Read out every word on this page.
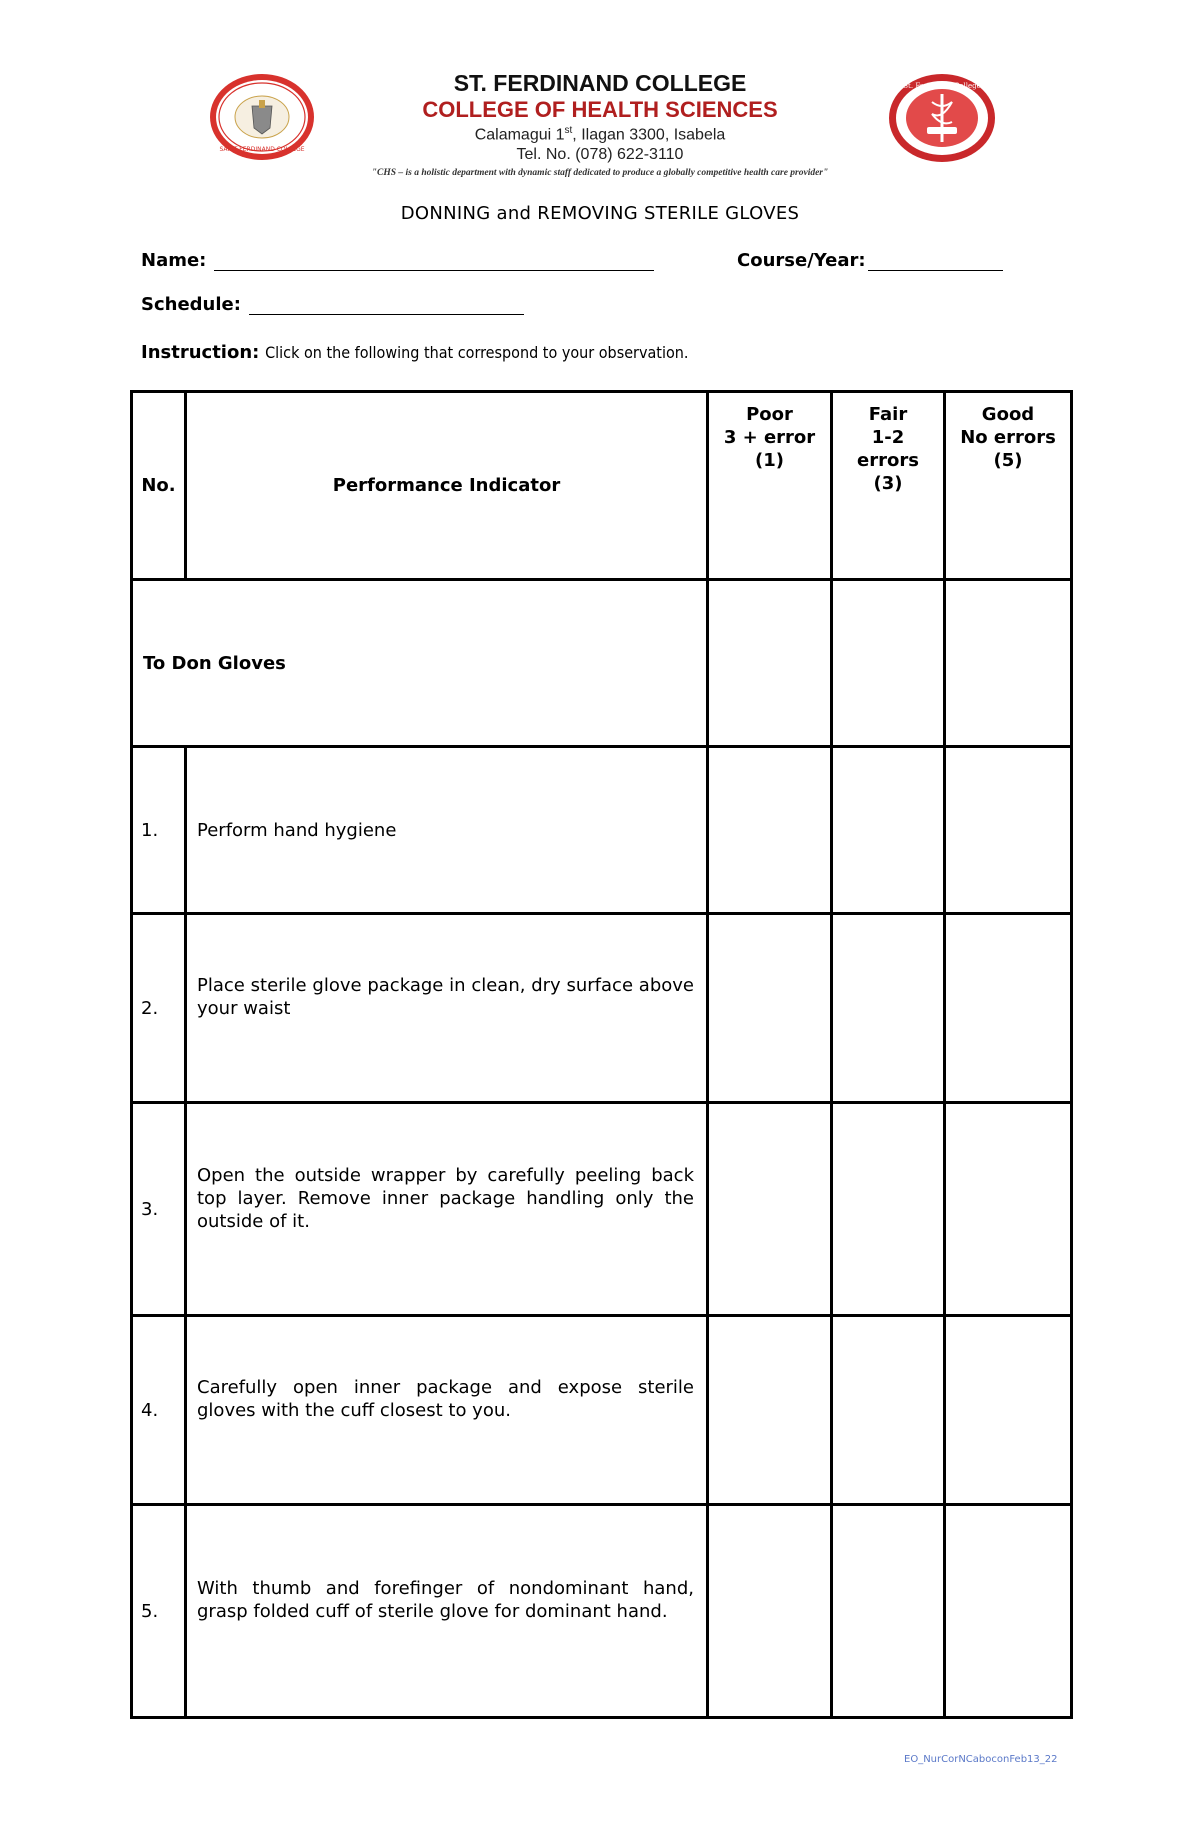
SAINT FERDINAND COLLEGE
St. Ferdinand College
ST. FERDINAND COLLEGE
COLLEGE OF HEALTH SCIENCES
Calamagui 1st, Ilagan 3300, Isabela
Tel. No. (078) 622-3110
"CHS – is a holistic department with dynamic staff dedicated to produce a globally competitive health care provider"
DONNING and REMOVING STERILE GLOVES
Name:	Course/Year:
Schedule:
Instruction: Click on the following that correspond to your observation.
No.	Performance Indicator	Poor
3 + error
(1)	Fair
1-2
errors
(3)	Good
No errors
(5)

To Don Gloves				
1.	Perform hand hygiene			
2.	Place sterile glove package in clean, dry surface above your waist			

3.	Open the outside wrapper by carefully peeling back top layer. Remove inner package handling only the outside of it.			

4.	Carefully open inner package and expose sterile gloves with the cuff closest to you.			

5.	With thumb and forefinger of nondominant hand, grasp folded cuff of sterile glove for dominant hand.			

EO_NurCorNCaboconFeb13_22
